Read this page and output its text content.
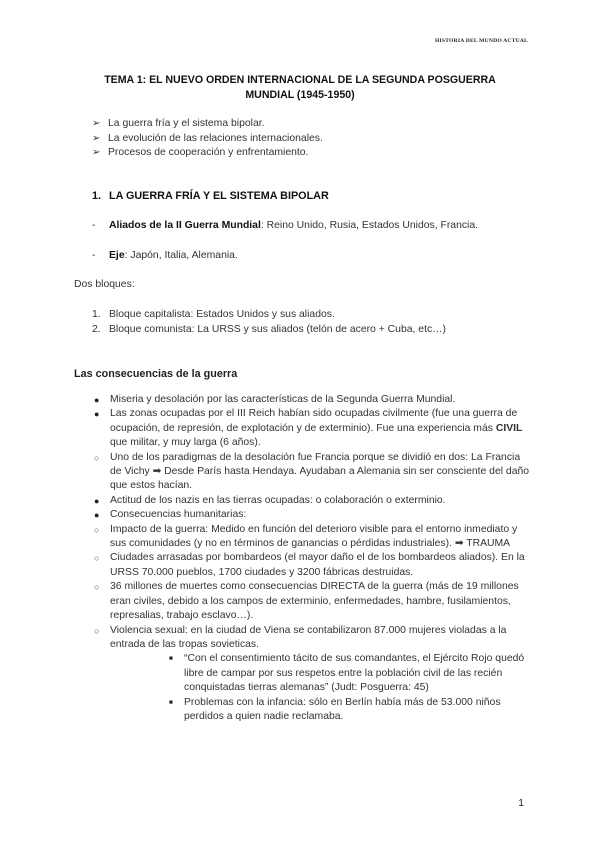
HISTORIA DEL MUNDO ACTUAL
TEMA 1: EL NUEVO ORDEN INTERNACIONAL DE LA SEGUNDA POSGUERRA
MUNDIAL (1945-1950)
➢ La guerra fría y el sistema bipolar.
➢ La evolución de las relaciones internacionales.
➢ Procesos de cooperación y enfrentamiento.
1. LA GUERRA FRÍA Y EL SISTEMA BIPOLAR
- Aliados de la II Guerra Mundial: Reino Unido, Rusia, Estados Unidos, Francia.
- Eje: Japón, Italia, Alemania.
Dos bloques:
1. Bloque capitalista: Estados Unidos y sus aliados.
2. Bloque comunista: La URSS y sus aliados (telón de acero + Cuba, etc…)
Las consecuencias de la guerra
● Miseria y desolación por las características de la Segunda Guerra Mundial.
● Las zonas ocupadas por el III Reich habían sido ocupadas civilmente (fue una guerra de ocupación, de represión, de explotación y de exterminio). Fue una experiencia más CIVIL que militar, y muy larga (6 años).
○ Uno de los paradigmas de la desolación fue Francia porque se dividió en dos: La Francia de Vichy ➡ Desde París hasta Hendaya. Ayudaban a Alemania sin ser consciente del daño que estos hacían.
● Actitud de los nazis en las tierras ocupadas: o colaboración o exterminio.
● Consecuencias humanitarias:
○ Impacto de la guerra: Medido en función del deterioro visible para el entorno inmediato y sus comunidades (y no en términos de ganancias o pérdidas industriales). ➡ TRAUMA
○ Ciudades arrasadas por bombardeos (el mayor daño el de los bombardeos aliados). En la URSS 70.000 pueblos, 1700 ciudades y 3200 fábricas destruidas.
○ 36 millones de muertes como consecuencias DIRECTA de la guerra (más de 19 millones eran civiles, debido a los campos de exterminio, enfermedades, hambre, fusilamientos, represalias, trabajo esclavo…).
○ Violencia sexual: en la ciudad de Viena se contabilizaron 87.000 mujeres violadas a la entrada de las tropas sovieticas.
■ “Con el consentimiento tácito de sus comandantes, el Ejército Rojo quedó libre de campar por sus respetos entre la población civil de las recién conquistadas tierras alemanas” (Judt: Posguerra: 45)
■ Problemas con la infancia: sólo en Berlín había más de 53.000 niños perdidos a quien nadie reclamaba.
1
